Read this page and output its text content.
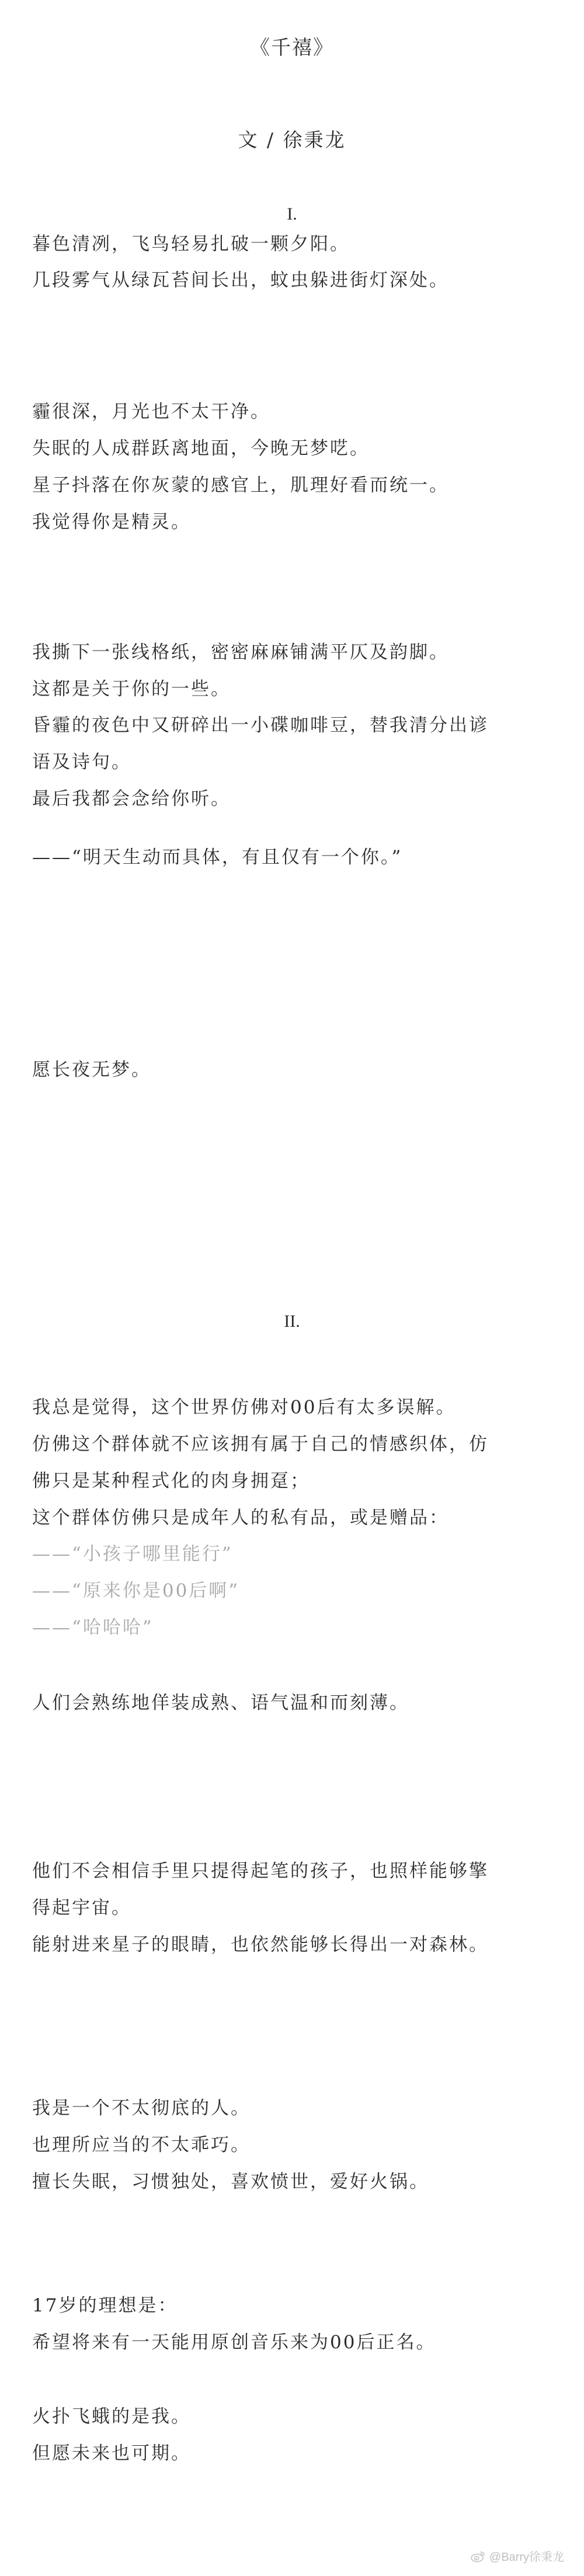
《千禧》
文 / 徐秉龙
I.
暮色清冽，飞鸟轻易扎破一颗夕阳。
几段雾气从绿瓦苔间长出，蚊虫躲进街灯深处。
霾很深，月光也不太干净。
失眠的人成群跃离地面，今晚无梦呓。
星子抖落在你灰蒙的感官上，肌理好看而统一。
我觉得你是精灵。
我撕下一张线格纸，密密麻麻铺满平仄及韵脚。
这都是关于你的一些。
昏霾的夜色中又研碎出一小碟咖啡豆，替我清分出谚
语及诗句。
最后我都会念给你听。
——“明天生动而具体，有且仅有一个你。”
愿长夜无梦。
II.
我总是觉得，这个世界仿佛对00后有太多误解。
仿佛这个群体就不应该拥有属于自己的情感织体，仿
佛只是某种程式化的肉身拥趸；
这个群体仿佛只是成年人的私有品，或是赠品：
——“小孩子哪里能行”
——“原来你是00后啊”
——“哈哈哈”
人们会熟练地佯装成熟、语气温和而刻薄。
他们不会相信手里只提得起笔的孩子，也照样能够擎
得起宇宙。
能射进来星子的眼睛，也依然能够长得出一对森林。
我是一个不太彻底的人。
也理所应当的不太乖巧。
擅长失眠，习惯独处，喜欢愤世，爱好火锅。
17岁的理想是：
希望将来有一天能用原创音乐来为00后正名。
火扑飞蛾的是我。
但愿未来也可期。
@Barry徐秉龙
